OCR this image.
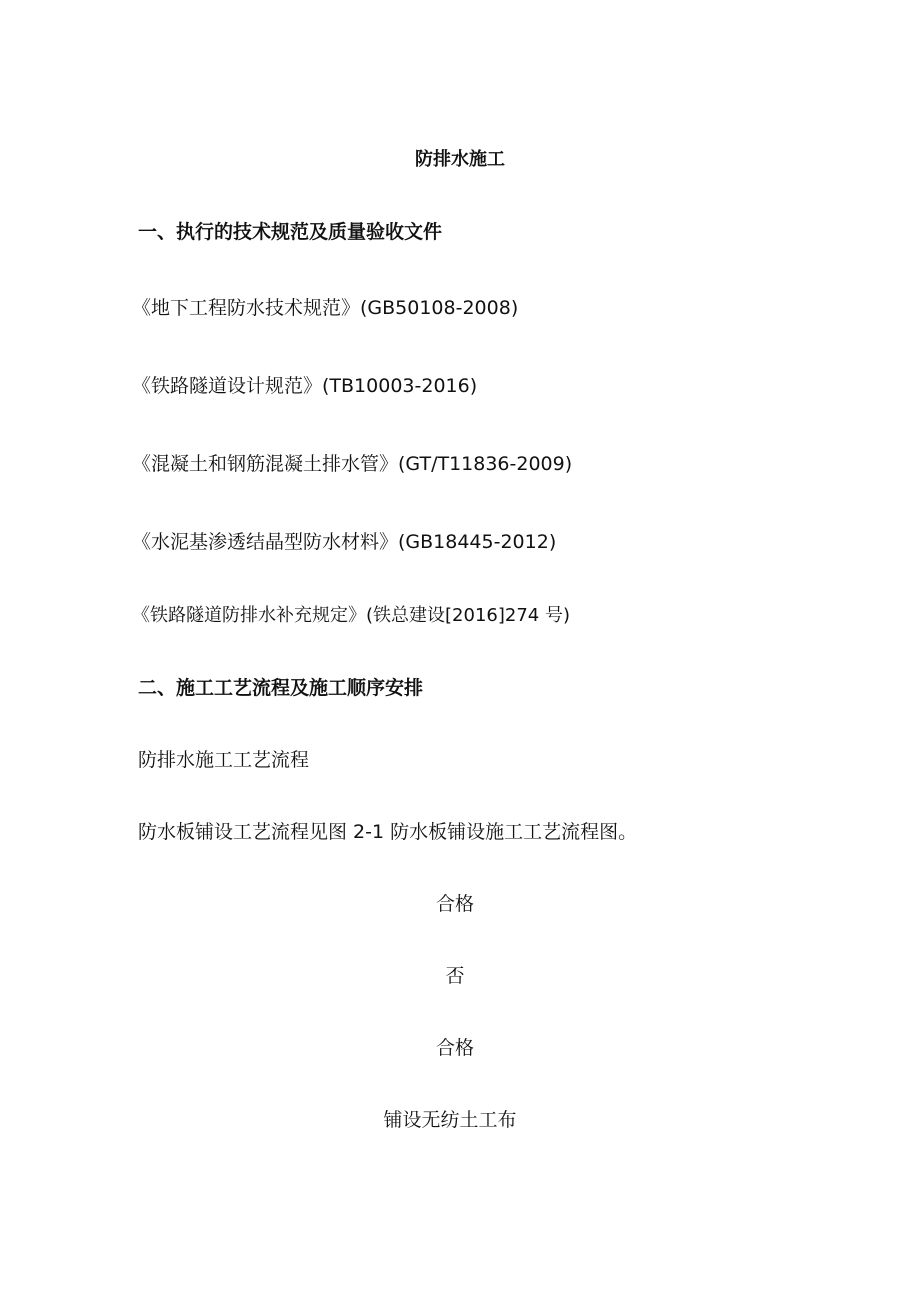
防排水施工
一、执行的技术规范及质量验收文件
《地下工程防水技术规范》(GB50108-2008)
《铁路隧道设计规范》(TB10003-2016)
《混凝土和钢筋混凝土排水管》(GT/T11836-2009)
《水泥基渗透结晶型防水材料》(GB18445-2012)
《铁路隧道防排水补充规定》(铁总建设[2016]274 号)
二、施工工艺流程及施工顺序安排
防排水施工工艺流程
防水板铺设工艺流程见图 2-1 防水板铺设施工工艺流程图。
合格
否
合格
铺设无纺土工布
